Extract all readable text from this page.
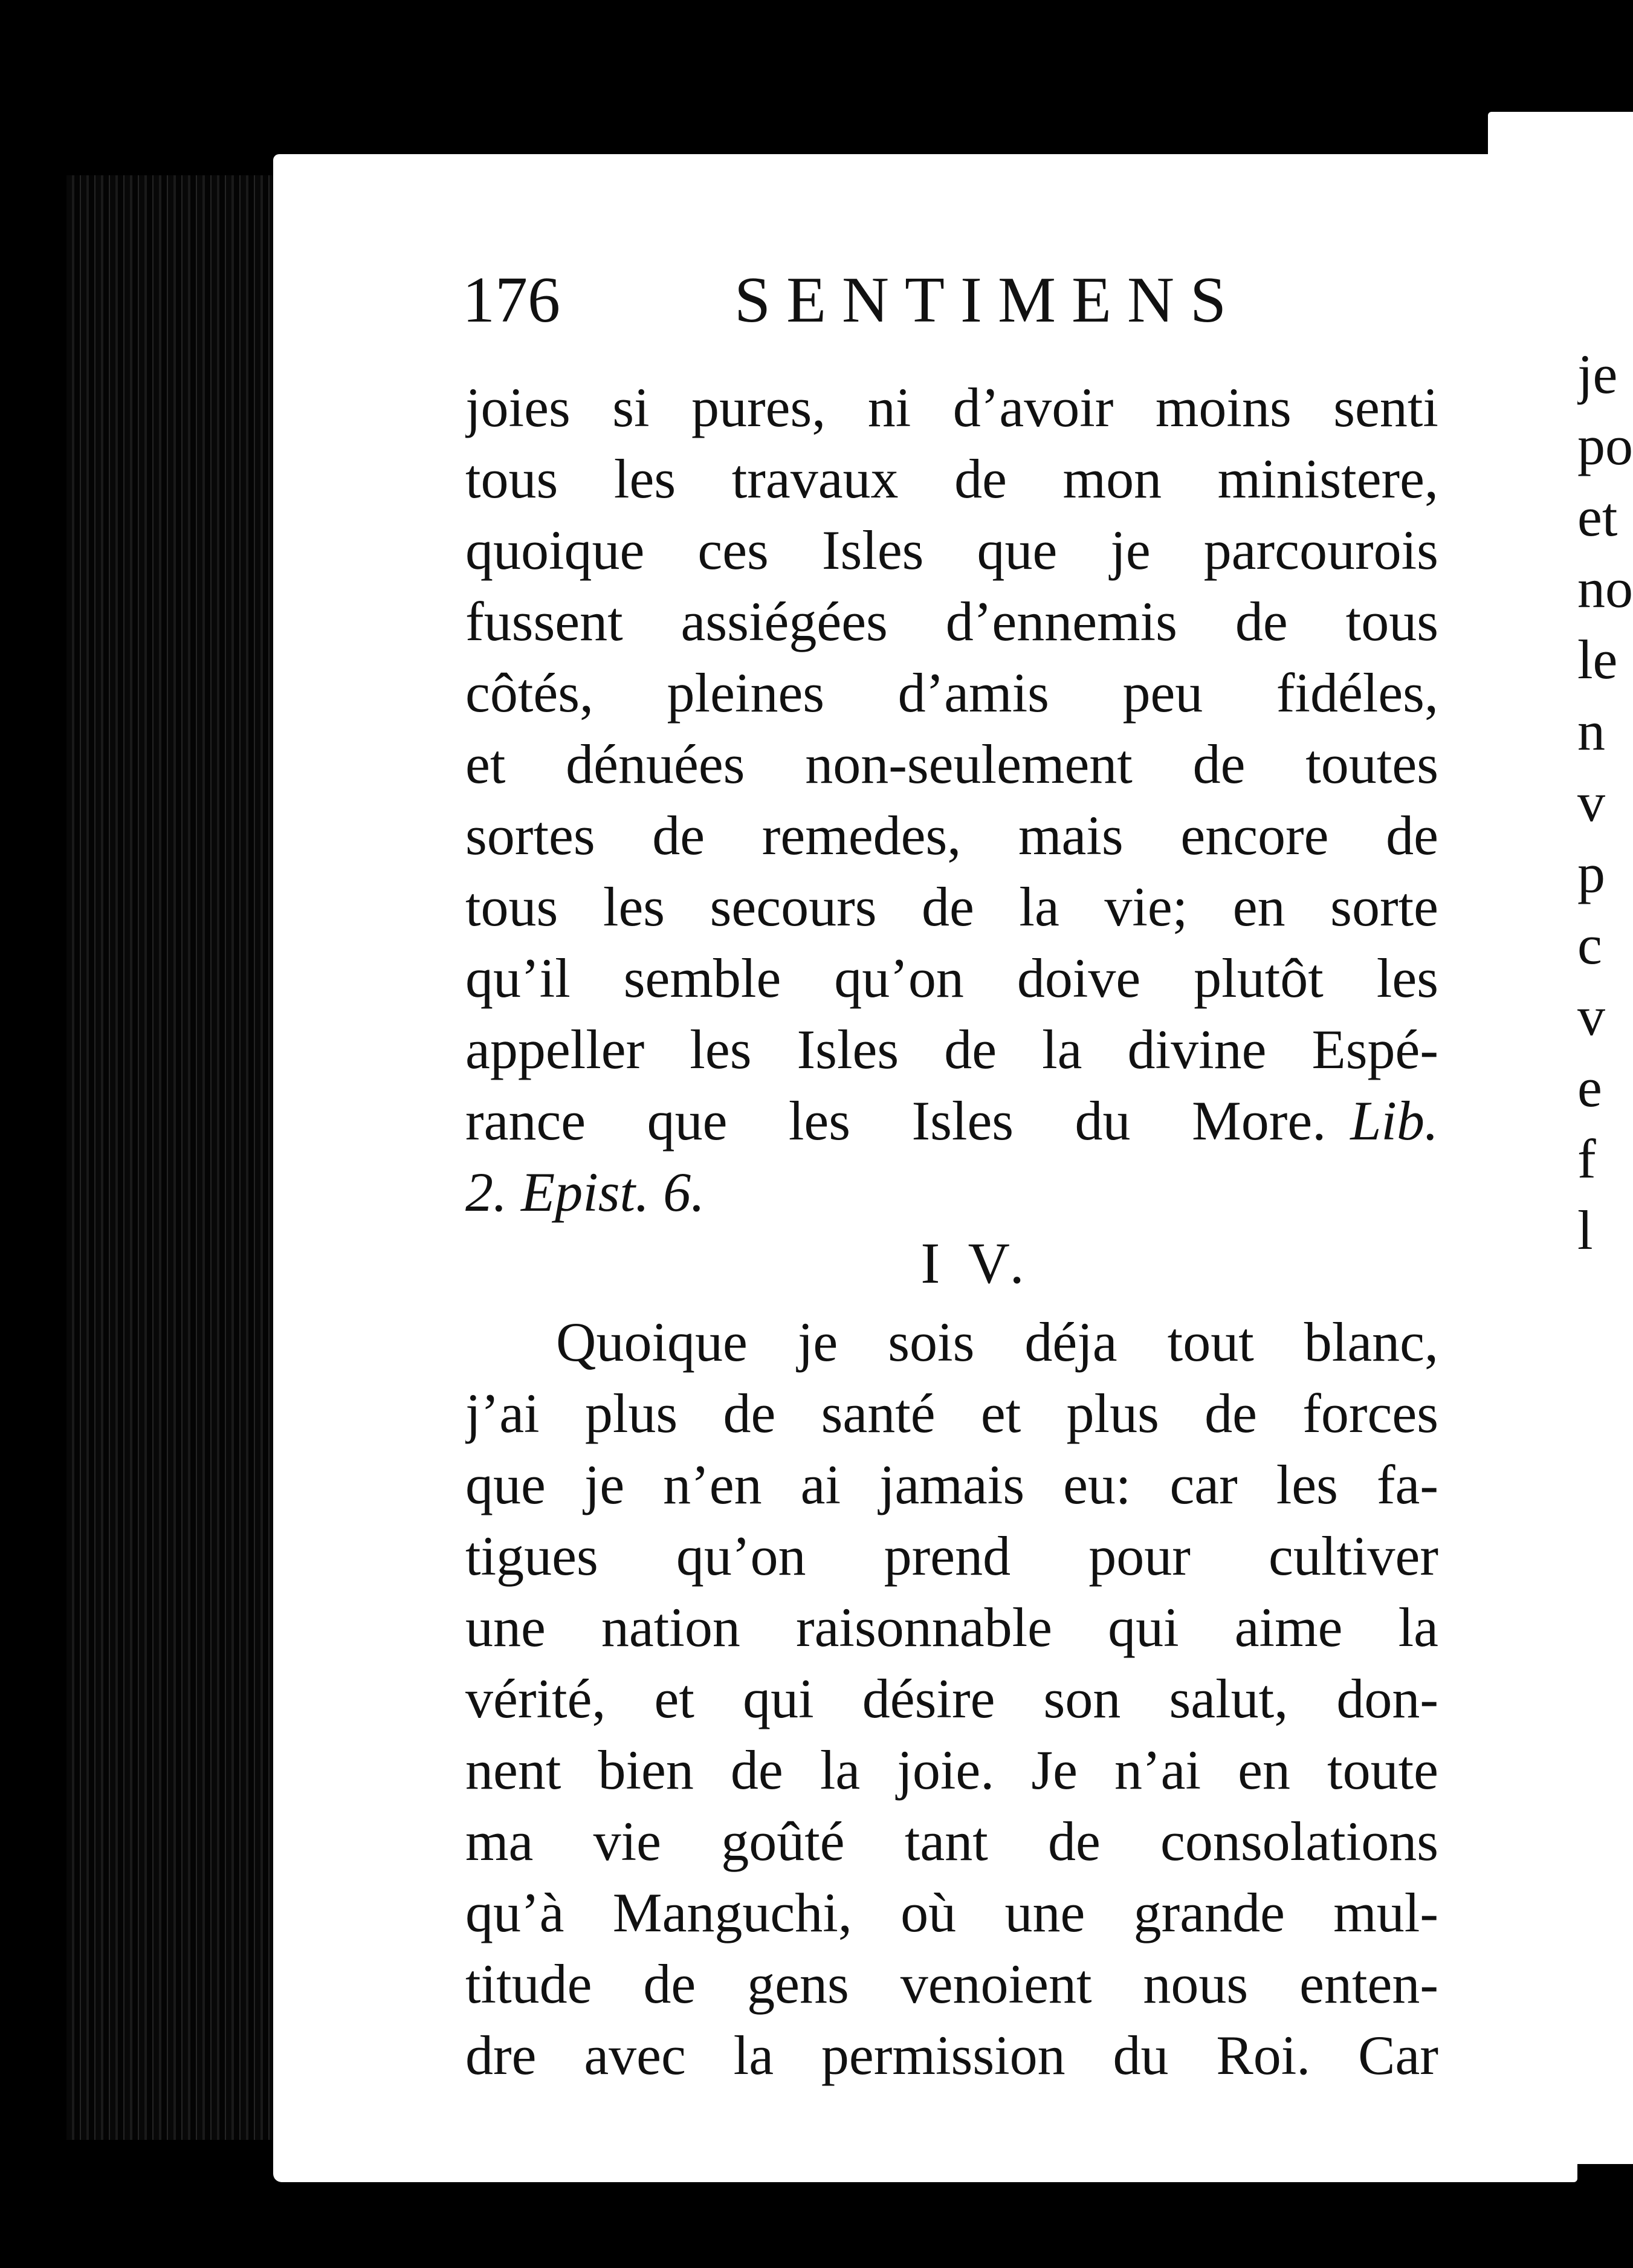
176	SENTIMENS
joies si pures, ni d’avoir moins senti
tous les travaux de mon ministere,
quoique ces Isles que je parcourois
fussent assiégées d’ennemis de tous
côtés, pleines d’amis peu fidéles,
et dénuées non-seulement de toutes
sortes de remedes, mais encore de
tous les secours de la vie; en sorte
qu’il semble qu’on doive plutôt les
appeller les Isles de la divine Espé-
rance que les Isles du More. Lib.
2. Epist. 6.
I V.
Quoique je sois déja tout blanc,
j’ai plus de santé et plus de forces
que je n’en ai jamais eu: car les fa-
tigues qu’on prend pour cultiver
une nation raisonnable qui aime la
vérité, et qui désire son salut, don-
nent bien de la joie. Je n’ai en toute
ma vie goûté tant de consolations
qu’à Manguchi, où une grande mul-
titude de gens venoient nous enten-
dre avec la permission du Roi. Car
je
po
et
no
le
n
v
p
c
v
e
f
l
